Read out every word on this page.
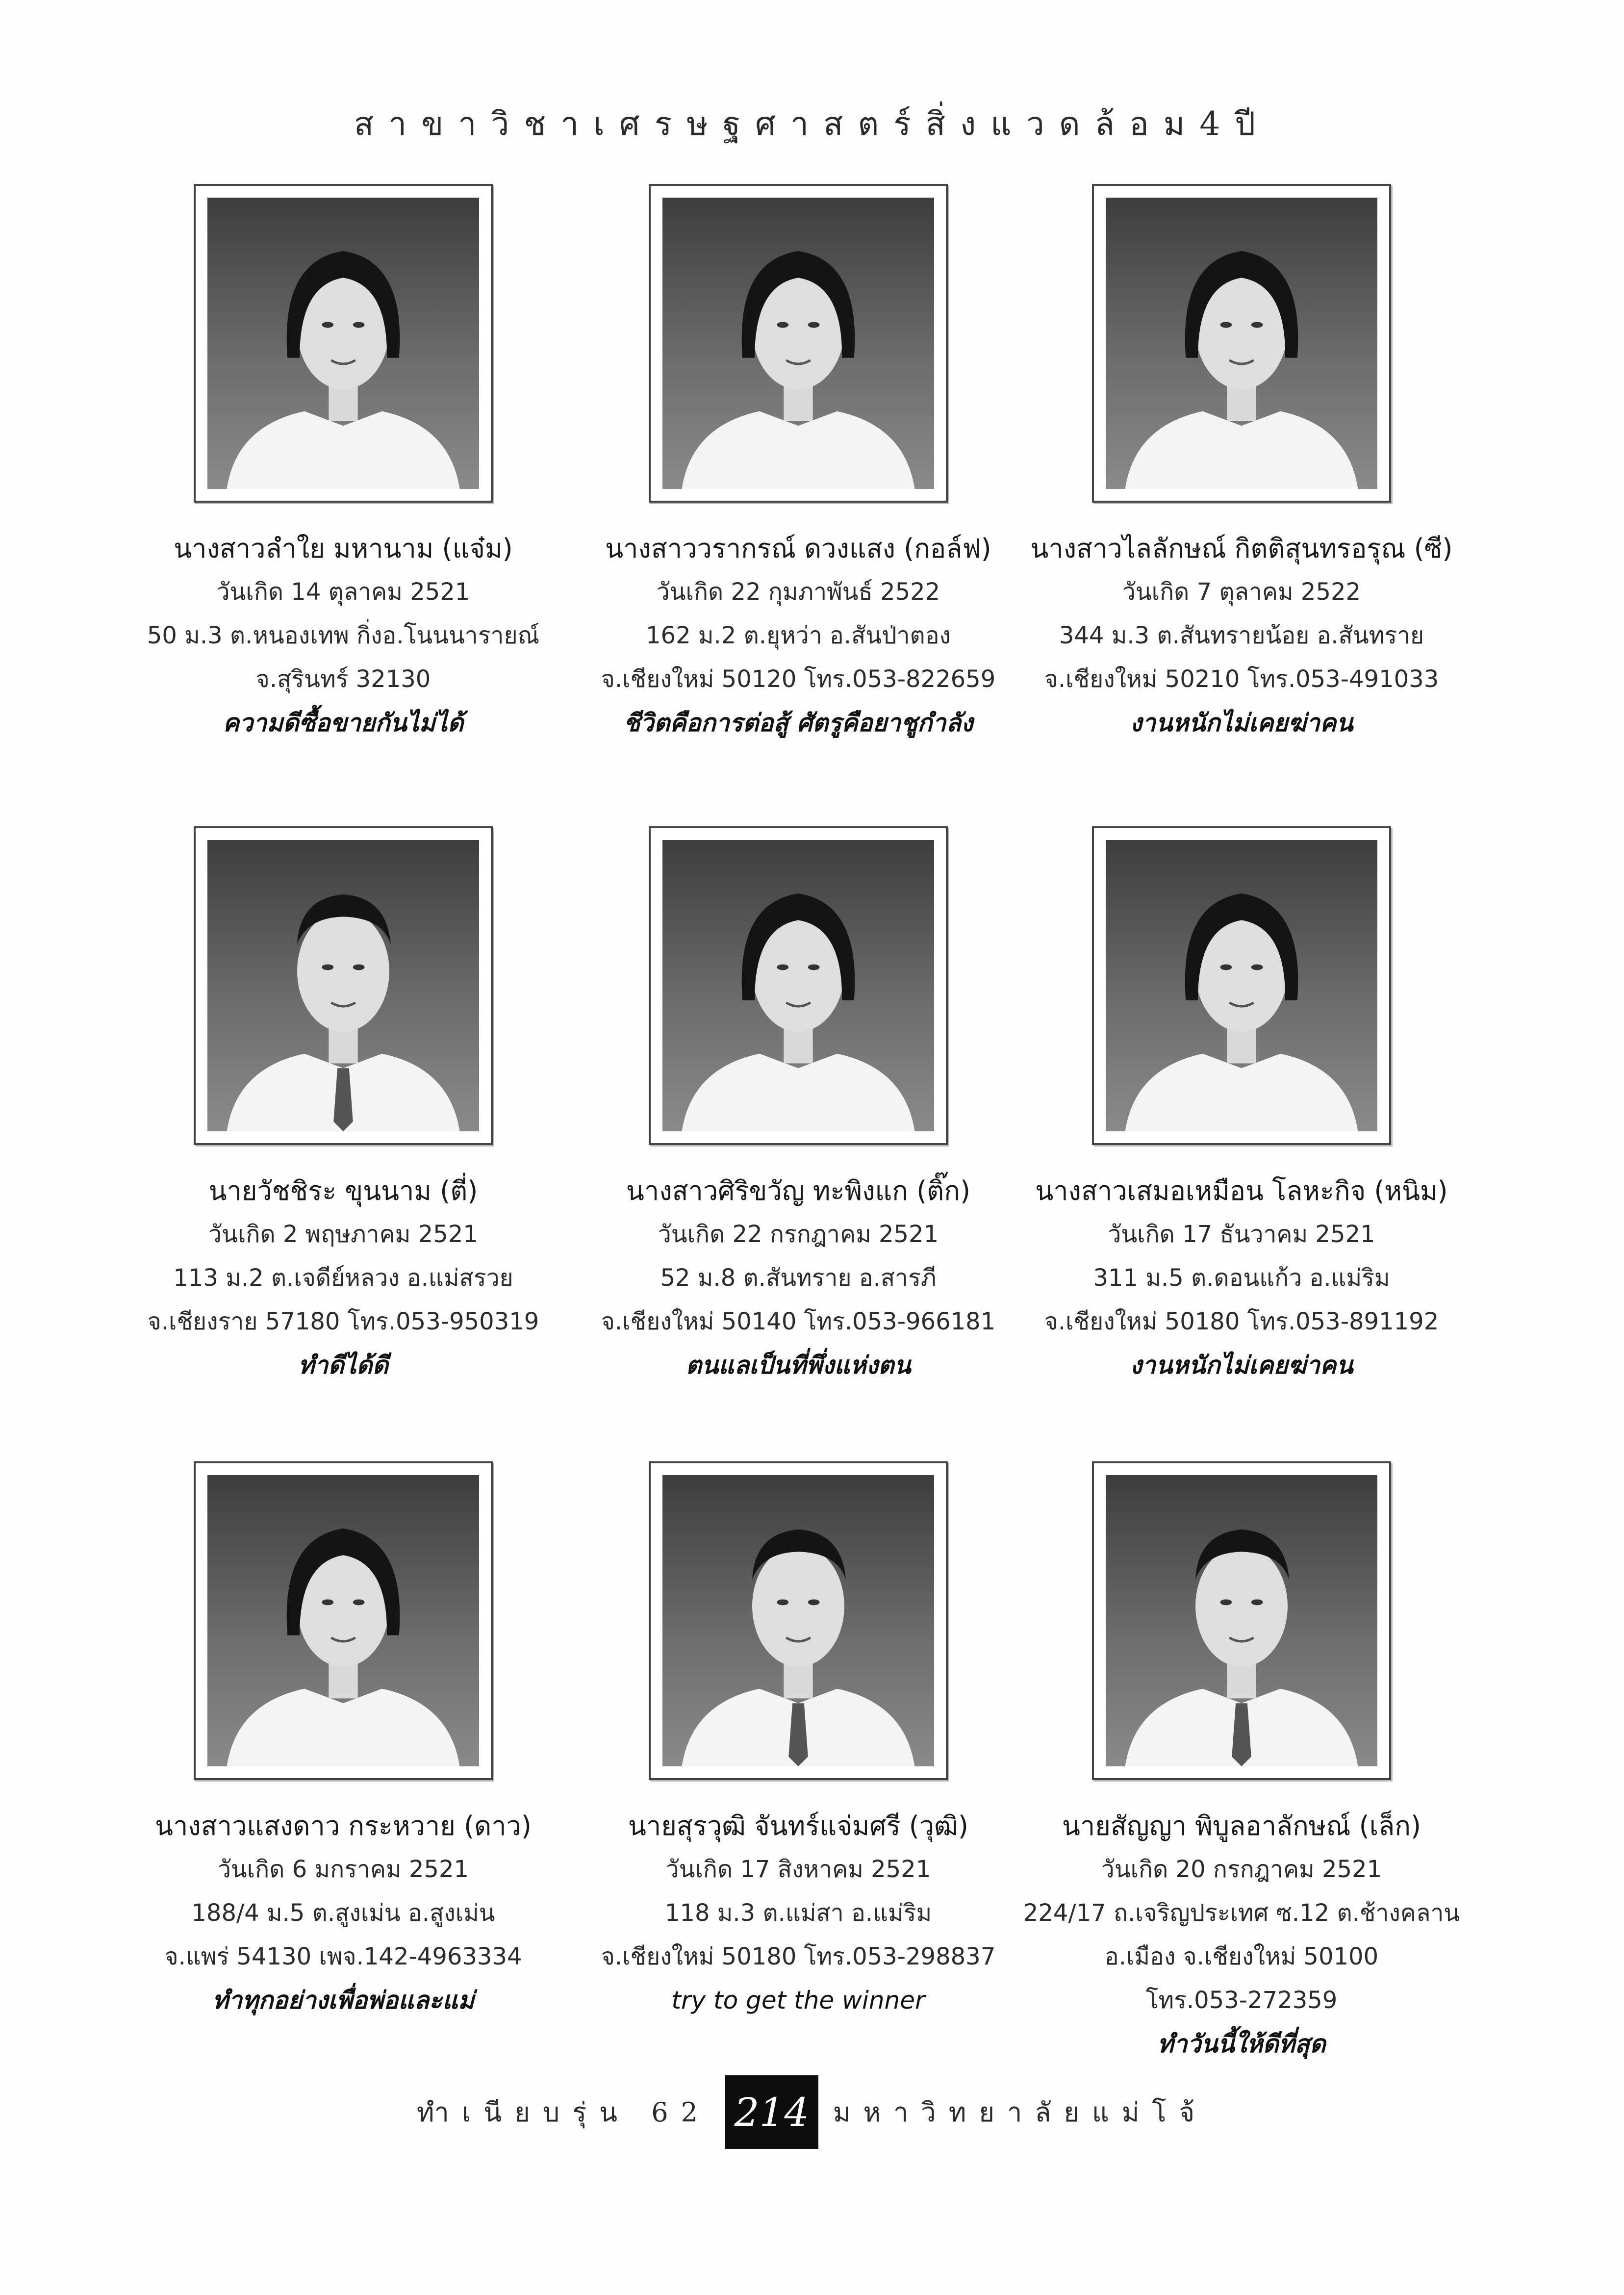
สาขาวิชาเศรษฐศาสตร์สิ่งแวดล้อม4ปี
นางสาวลำใย มหานาม (แจ๋ม)
วันเกิด 14 ตุลาคม 2521
50 ม.3 ต.หนองเทพ กิ่งอ.โนนนารายณ์
จ.สุรินทร์ 32130
ความดีซื้อขายกันไม่ได้
นางสาววรากรณ์ ดวงแสง (กอล์ฟ)
วันเกิด 22 กุมภาพันธ์ 2522
162 ม.2 ต.ยุหว่า อ.สันป่าตอง
จ.เชียงใหม่ 50120 โทร.053-822659
ชีวิตคือการต่อสู้ ศัตรูคือยาชูกำลัง
นางสาวไลลักษณ์ กิตติสุนทรอรุณ (ซี)
วันเกิด 7 ตุลาคม 2522
344 ม.3 ต.สันทรายน้อย อ.สันทราย
จ.เชียงใหม่ 50210 โทร.053-491033
งานหนักไม่เคยฆ่าคน
นายวัชชิระ ขุนนาม (ตี่)
วันเกิด 2 พฤษภาคม 2521
113 ม.2 ต.เจดีย์หลวง อ.แม่สรวย
จ.เชียงราย 57180 โทร.053-950319
ทำดีได้ดี
นางสาวศิริขวัญ ทะพิงแก (ติ๊ก)
วันเกิด 22 กรกฎาคม 2521
52 ม.8 ต.สันทราย อ.สารภี
จ.เชียงใหม่ 50140 โทร.053-966181
ตนแลเป็นที่พึ่งแห่งตน
นางสาวเสมอเหมือน โลหะกิจ (หนิม)
วันเกิด 17 ธันวาคม 2521
311 ม.5 ต.ดอนแก้ว อ.แม่ริม
จ.เชียงใหม่ 50180 โทร.053-891192
งานหนักไม่เคยฆ่าคน
นางสาวแสงดาว กระหวาย (ดาว)
วันเกิด 6 มกราคม 2521
188/4 ม.5 ต.สูงเม่น อ.สูงเม่น
จ.แพร่ 54130 เพจ.142-4963334
ทำทุกอย่างเพื่อพ่อและแม่
นายสุรวุฒิ จันทร์แจ่มศรี (วุฒิ)
วันเกิด 17 สิงหาคม 2521
118 ม.3 ต.แม่สา อ.แม่ริม
จ.เชียงใหม่ 50180 โทร.053-298837
try to get the winner
นายสัญญา พิบูลอาลักษณ์ (เล็ก)
วันเกิด 20 กรกฎาคม 2521
224/17 ถ.เจริญประเทศ ซ.12 ต.ช้างคลาน
อ.เมือง จ.เชียงใหม่ 50100
โทร.053-272359
ทำวันนี้ให้ดีที่สุด
ทำเนียบรุ่น 62 214 มหาวิทยาลัยแม่โจ้
